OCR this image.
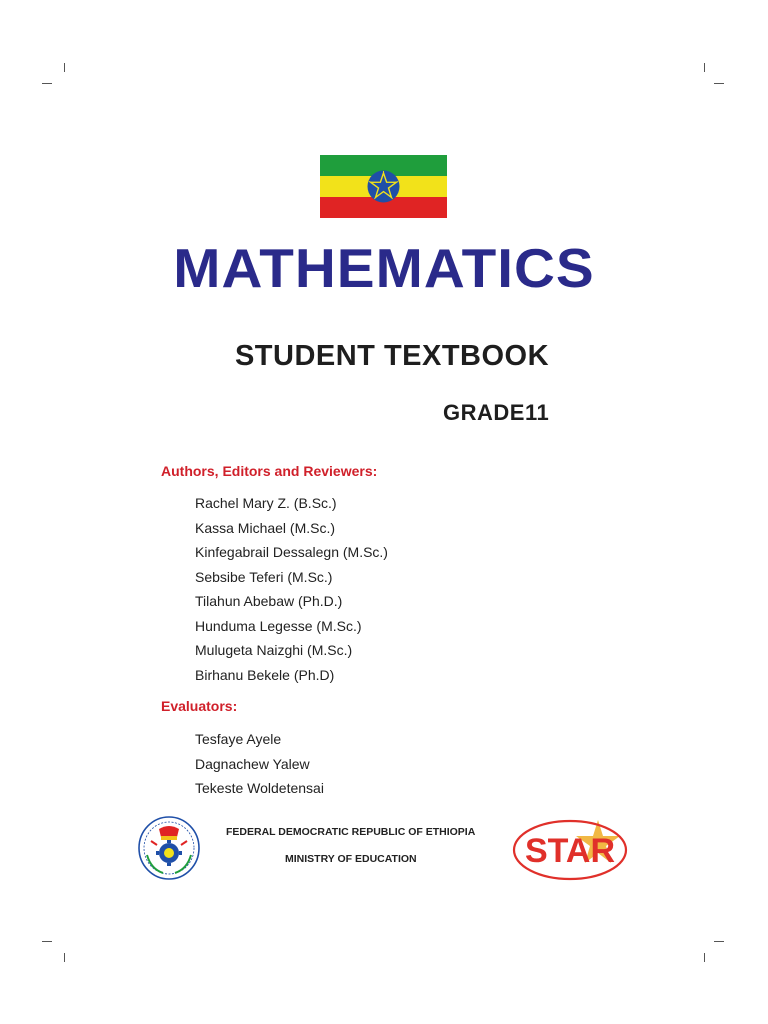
MATHEMATICS
STUDENT TEXTBOOK
GRADE11
Authors, Editors and Reviewers:
Rachel Mary Z. (B.Sc.)
Kassa Michael (M.Sc.)
Kinfegabrail Dessalegn (M.Sc.)
Sebsibe Teferi (M.Sc.)
Tilahun Abebaw (Ph.D.)
Hunduma Legesse (M.Sc.)
Mulugeta Naizghi (M.Sc.)
Birhanu Bekele (Ph.D)
Evaluators:
Tesfaye Ayele
Dagnachew Yalew
Tekeste Woldetensai
FEDERAL DEMOCRATIC REPUBLIC OF ETHIOPIA
MINISTRY OF EDUCATION	STAR
